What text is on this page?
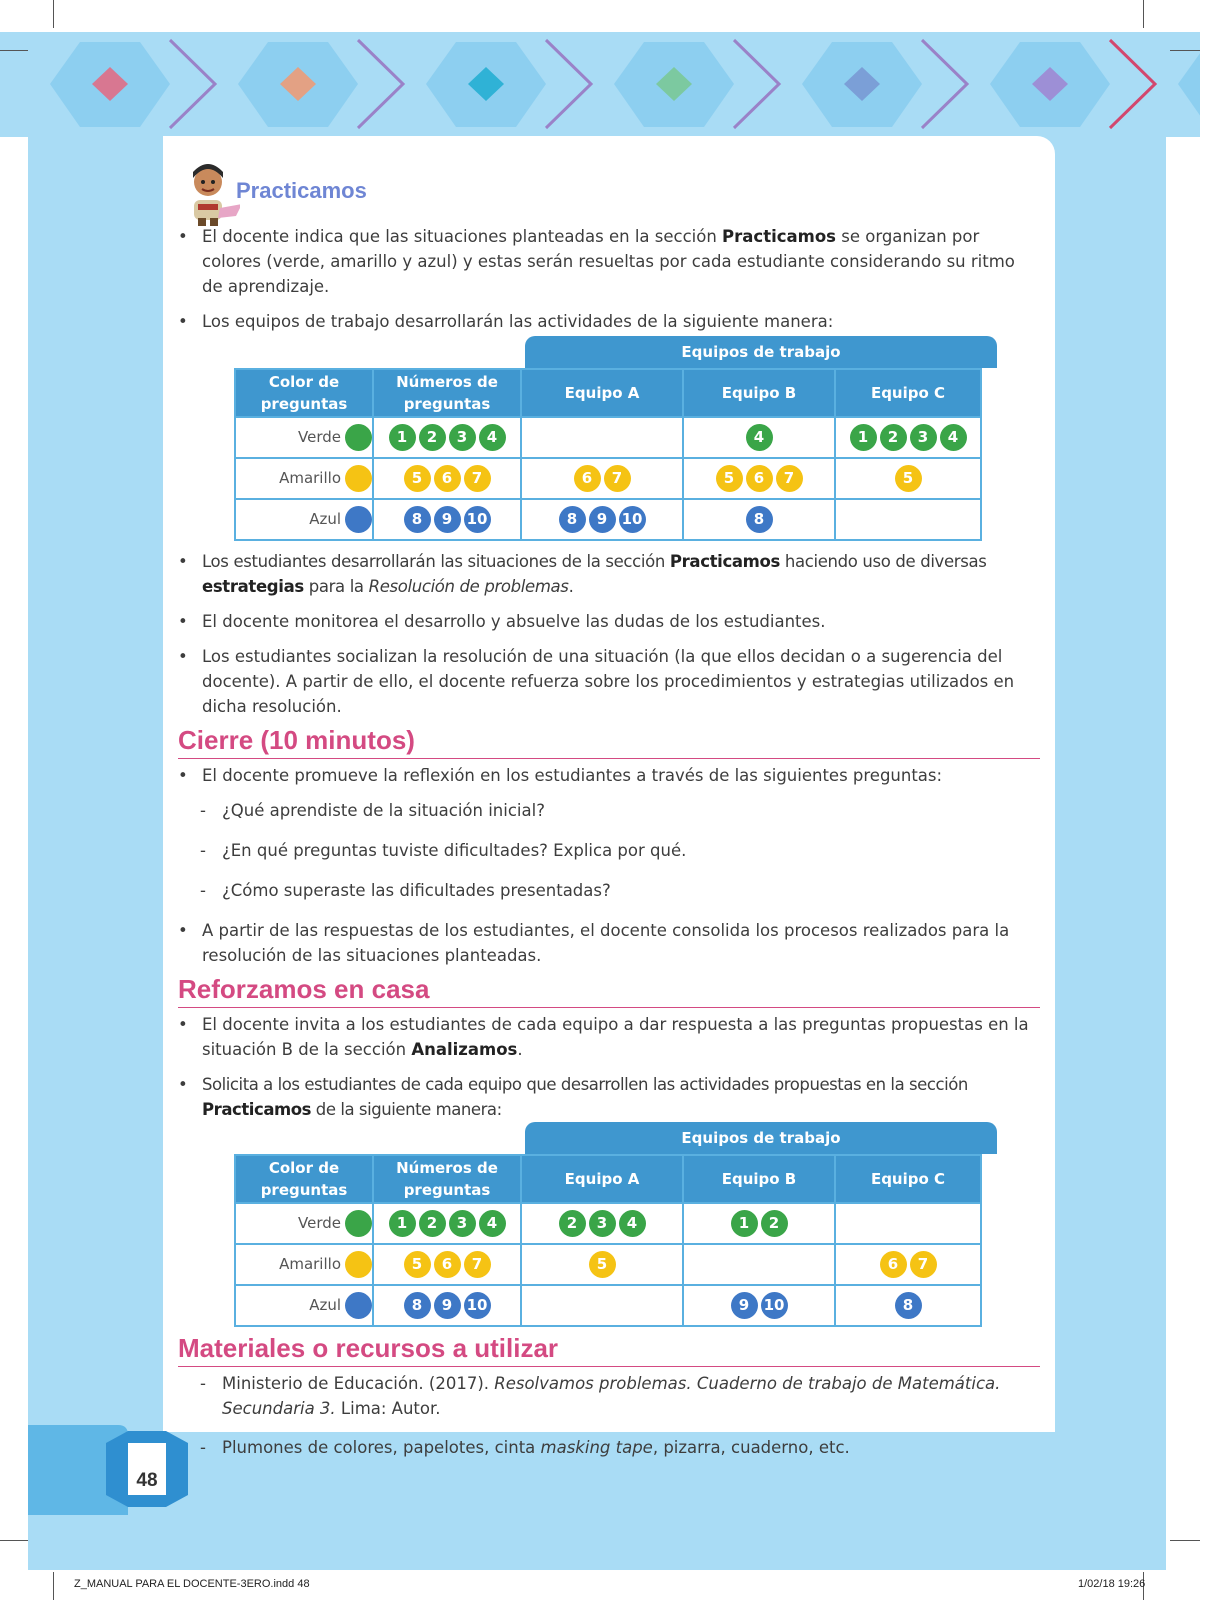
Practicamos

• El docente indica que las situaciones planteadas en la sección Practicamos se organizan por colores (verde, amarillo y azul) y estas serán resueltas por cada estudiante considerando su ritmo de aprendizaje.

• Los equipos de trabajo desarrollarán las actividades de la siguiente manera:

Equipos de trabajo
Color de preguntas	Números de preguntas	Equipo A	Equipo B	Equipo C
Verde	1 2 3 4		4	1 2 3 4
Amarillo	5 6 7	6 7	5 6 7	5
Azul	8 9 10	8 9 10	8	

• Los estudiantes desarrollarán las situaciones de la sección Practicamos haciendo uso de diversas estrategias para la Resolución de problemas.

• El docente monitorea el desarrollo y absuelve las dudas de los estudiantes.

• Los estudiantes socializan la resolución de una situación (la que ellos decidan o a sugerencia del docente). A partir de ello, el docente refuerza sobre los procedimientos y estrategias utilizados en dicha resolución.

Cierre (10 minutos)

• El docente promueve la reflexión en los estudiantes a través de las siguientes preguntas:

- ¿Qué aprendiste de la situación inicial?

- ¿En qué preguntas tuviste dificultades? Explica por qué.

- ¿Cómo superaste las dificultades presentadas?

• A partir de las respuestas de los estudiantes, el docente consolida los procesos realizados para la resolución de las situaciones planteadas.

Reforzamos en casa

• El docente invita a los estudiantes de cada equipo a dar respuesta a las preguntas propuestas en la situación B de la sección Analizamos.

• Solicita a los estudiantes de cada equipo que desarrollen las actividades propuestas en la sección Practicamos de la siguiente manera:

Equipos de trabajo
Color de preguntas	Números de preguntas	Equipo A	Equipo B	Equipo C
Verde	1 2 3 4	2 3 4	1 2	
Amarillo	5 6 7	5		6 7
Azul	8 9 10		9 10	8
Materiales o recursos a utilizar

- Ministerio de Educación. (2017). Resolvamos problemas. Cuaderno de trabajo de Matemática. Secundaria 3. Lima: Autor.

- Plumones de colores, papelotes, cinta masking tape, pizarra, cuaderno, etc.

48
Z_MANUAL PARA EL DOCENTE-3ERO.indd 48	1/02/18 19:26
